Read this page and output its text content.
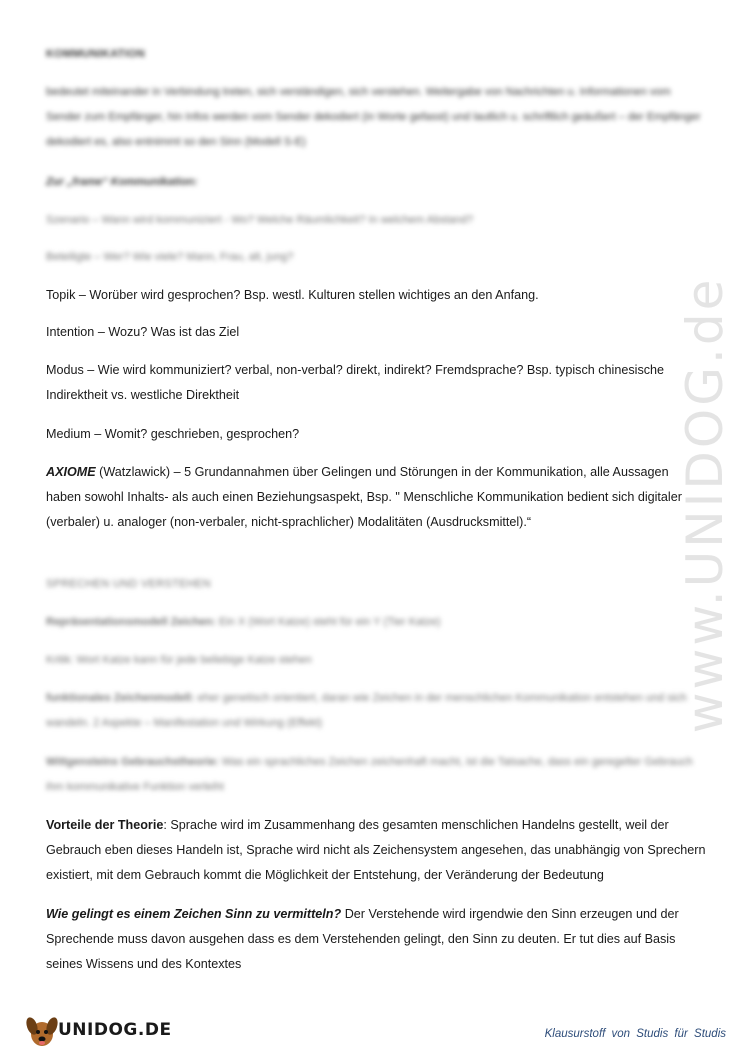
www.UNIDOG.de

KOMMUNIKATION

bedeutet miteinander in Verbindung treten, sich verständigen, sich verstehen. Weitergabe von Nachrichten u. Informationen vom Sender zum Empfänger, hin Infos werden vom Sender dekodiert (in Worte gefasst) und lautlich u. schriftlich geäußert – der Empfänger dekodiert es, also entnimmt so den Sinn (Modell S-E)

Zur „frame“ Kommunikation:

Szenario – Wann wird kommuniziert - Wo? Welche Räumlichkeit? In welchem Abstand?

Beteiligte – Wer? Wie viele? Mann, Frau, alt, jung?

Topik – Worüber wird gesprochen? Bsp. westl. Kulturen stellen wichtiges an den Anfang.

Intention – Wozu? Was ist das Ziel

Modus – Wie wird kommuniziert? verbal, non-verbal? direkt, indirekt? Fremdsprache? Bsp. typisch chinesische Indirektheit vs. westliche Direktheit

Medium – Womit? geschrieben, gesprochen?

AXIOME (Watzlawick) – 5 Grundannahmen über Gelingen und Störungen in der Kommunikation, alle Aussagen haben sowohl Inhalts- als auch einen Beziehungsaspekt, Bsp. " Menschliche Kommunikation bedient sich digitaler (verbaler) u. analoger (non-verbaler, nicht-sprachlicher) Modalitäten (Ausdrucksmittel).“

SPRECHEN UND VERSTEHEN

Repräsentationsmodell Zeichen: Ein X (Wort Katze) steht für ein Y (Tier Katze)

Kritik: Wort Katze kann für jede beliebige Katze stehen

funktionales Zeichenmodell: eher genetisch orientiert, daran wie Zeichen in der menschlichen Kommunikation entstehen und sich wandeln. 2 Aspekte – Manifestation und Wirkung (Effekt)

Wittgensteins Gebrauchstheorie: Was ein sprachliches Zeichen zeichenhaft macht, ist die Tatsache, dass ein geregelter Gebrauch ihm kommunikative Funktion verleiht

Vorteile der Theorie: Sprache wird im Zusammenhang des gesamten menschlichen Handelns gestellt, weil der Gebrauch eben dieses Handeln ist, Sprache wird nicht als Zeichensystem angesehen, das unabhängig von Sprechern existiert, mit dem Gebrauch kommt die Möglichkeit der Entstehung, der Veränderung der Bedeutung

Wie gelingt es einem Zeichen Sinn zu vermitteln? Der Verstehende wird irgendwie den Sinn erzeugen und der Sprechende muss davon ausgehen dass es dem Verstehenden gelingt, den Sinn zu deuten. Er tut dies auf Basis seines Wissens und des Kontextes

UNIDOG.DE	Klausurstoff von Studis für Studis
